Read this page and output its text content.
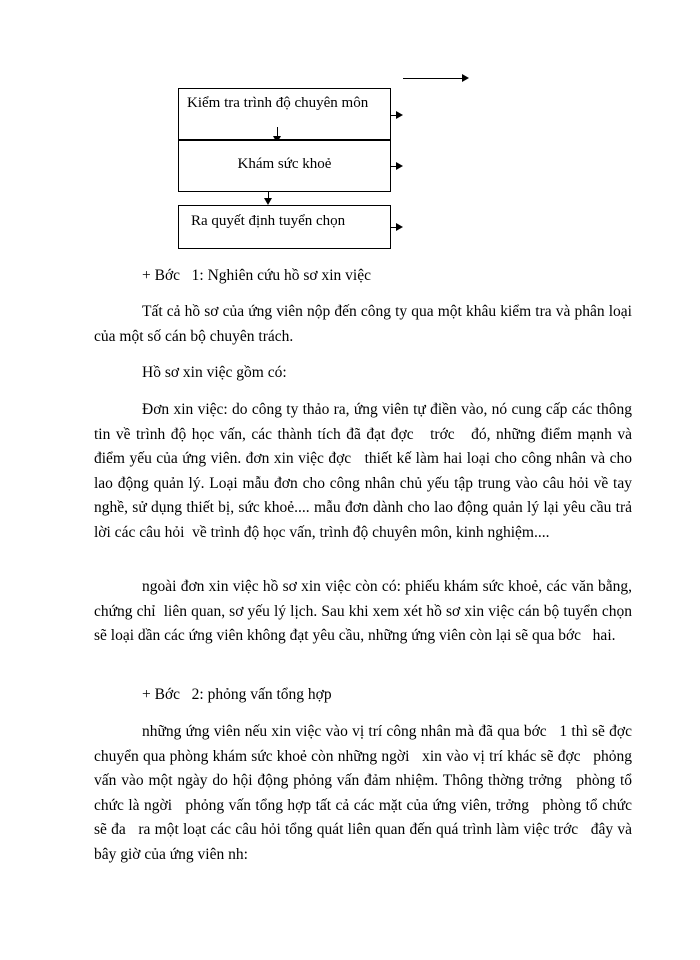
Kiểm tra trình độ chuyên môn
Khám sức khoẻ
Ra quyết định tuyển chọn
+ Bớc   1: Nghiên cứu hồ sơ xin việc
Tất cả hồ sơ của ứng viên nộp đến công ty qua một khâu kiểm tra và phân loại của một số cán bộ chuyên trách.
Hồ sơ xin việc gồm có:
Đơn xin việc: do công ty thảo ra, ứng viên tự điền vào, nó cung cấp các thông tin về trình độ học vấn, các thành tích đã đạt đợc   trớc   đó, những điểm mạnh và điểm yếu của ứng viên. đơn xin việc đợc   thiết kế làm hai loại cho công nhân và cho lao động quản lý. Loại mẫu đơn cho công nhân chủ yếu tập trung vào câu hỏi về tay nghề, sử dụng thiết bị, sức khoẻ.... mẫu đơn dành cho lao động quản lý lại yêu cầu trả lời các câu hỏi  về trình độ học vấn, trình độ chuyên môn, kinh nghiệm....
ngoài đơn xin việc hồ sơ xin việc còn có: phiếu khám sức khoẻ, các văn bằng, chứng chỉ  liên quan, sơ yếu lý lịch. Sau khi xem xét hồ sơ xin việc cán bộ tuyển chọn sẽ loại dần các ứng viên không đạt yêu cầu, những ứng viên còn lại sẽ qua bớc   hai.
+ Bớc   2: phỏng vấn tổng hợp
những ứng viên nếu xin việc vào vị trí công nhân mà đã qua bớc   1 thì sẽ đợc   chuyển qua phòng khám sức khoẻ còn những ngời   xin vào vị trí khác sẽ đợc   phỏng vấn vào một ngày do hội động phỏng vấn đảm nhiệm. Thông thờng trởng   phòng tổ chức là ngời   phỏng vấn tổng hợp tất cả các mặt của ứng viên, trởng   phòng tổ chức sẽ đa   ra một loạt các câu hỏi tổng quát liên quan đến quá trình làm việc trớc   đây và bây giờ của ứng viên nh:
